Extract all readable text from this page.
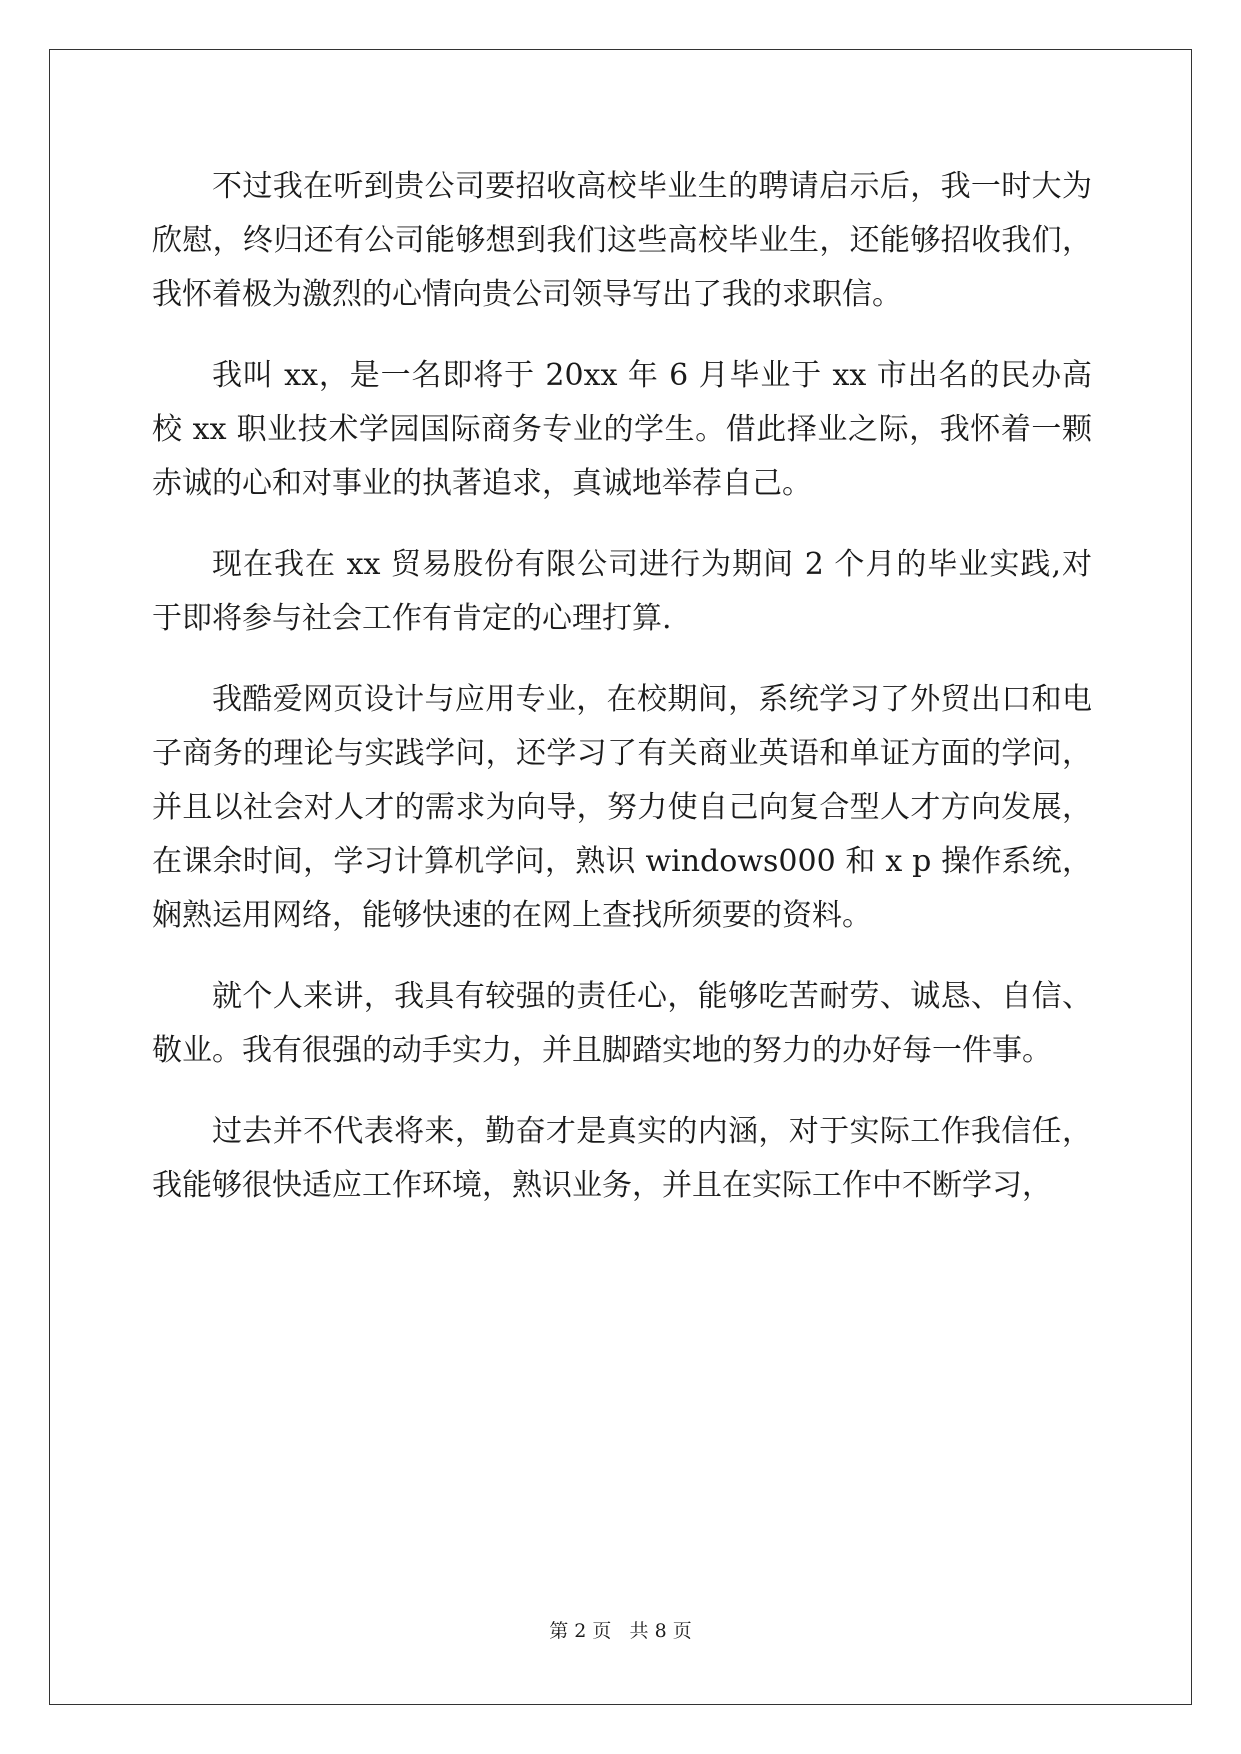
不过我在听到贵公司要招收高校毕业生的聘请启示后，我一时大为欣慰，终归还有公司能够想到我们这些高校毕业生，还能够招收我们，我怀着极为激烈的心情向贵公司领导写出了我的求职信。

我叫 xx，是一名即将于 20xx 年 6 月毕业于 xx 市出名的民办高校 xx 职业技术学园国际商务专业的学生。借此择业之际，我怀着一颗赤诚的心和对事业的执著追求，真诚地举荐自己。

现在我在 xx 贸易股份有限公司进行为期间 2 个月的毕业实践,对于即将参与社会工作有肯定的心理打算.

我酷爱网页设计与应用专业，在校期间，系统学习了外贸出口和电子商务的理论与实践学问，还学习了有关商业英语和单证方面的学问，并且以社会对人才的需求为向导，努力使自己向复合型人才方向发展，在课余时间，学习计算机学问，熟识 windows000 和 x p 操作系统，娴熟运用网络，能够快速的在网上查找所须要的资料。

就个人来讲，我具有较强的责任心，能够吃苦耐劳、诚恳、自信、敬业。我有很强的动手实力，并且脚踏实地的努力的办好每一件事。

过去并不代表将来，勤奋才是真实的内涵，对于实际工作我信任，我能够很快适应工作环境，熟识业务，并且在实际工作中不断学习，

第 2 页   共 8 页
